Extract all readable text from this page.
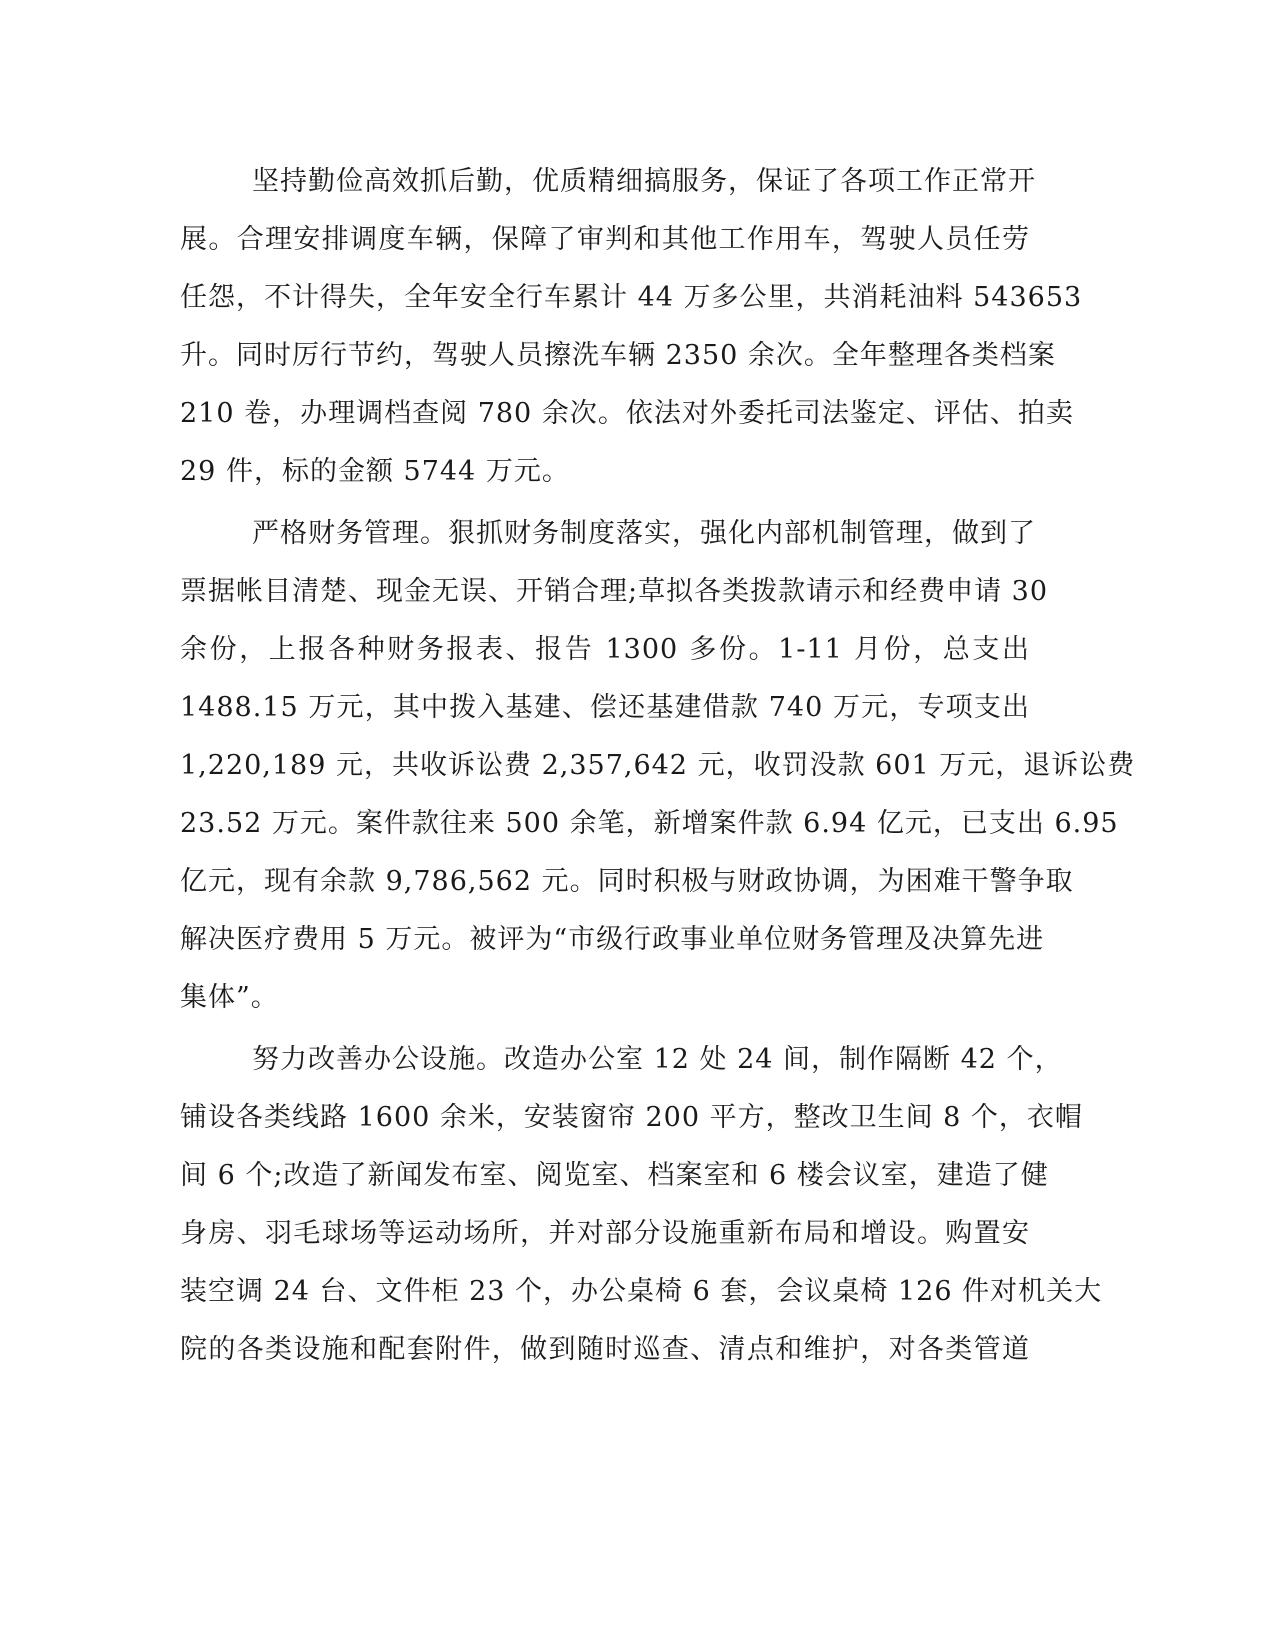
坚持勤俭高效抓后勤，优质精细搞服务，保证了各项工作正常开
展。合理安排调度车辆，保障了审判和其他工作用车，驾驶人员任劳
任怨，不计得失，全年安全行车累计 44 万多公里，共消耗油料 543653
升。同时厉行节约，驾驶人员擦洗车辆 2350 余次。全年整理各类档案
210 卷，办理调档查阅 780 余次。依法对外委托司法鉴定、评估、拍卖
29 件，标的金额 5744 万元。
严格财务管理。狠抓财务制度落实，强化内部机制管理，做到了
票据帐目清楚、现金无误、开销合理;草拟各类拨款请示和经费申请 30
余份，上报各种财务报表、报告 1300 多份。1-11 月份，总支出
1488.15 万元，其中拨入基建、偿还基建借款 740 万元，专项支出
1,220,189 元，共收诉讼费 2,357,642 元，收罚没款 601 万元，退诉讼费
23.52 万元。案件款往来 500 余笔，新增案件款 6.94 亿元，已支出 6.95
亿元，现有余款 9,786,562 元。同时积极与财政协调，为困难干警争取
解决医疗费用 5 万元。被评为“市级行政事业单位财务管理及决算先进
集体”。
努力改善办公设施。改造办公室 12 处 24 间，制作隔断 42 个，
铺设各类线路 1600 余米，安装窗帘 200 平方，整改卫生间 8 个，衣帽
间 6 个;改造了新闻发布室、阅览室、档案室和 6 楼会议室，建造了健
身房、羽毛球场等运动场所，并对部分设施重新布局和增设。购置安
装空调 24 台、文件柜 23 个，办公桌椅 6 套，会议桌椅 126 件对机关大
院的各类设施和配套附件，做到随时巡查、清点和维护，对各类管道
